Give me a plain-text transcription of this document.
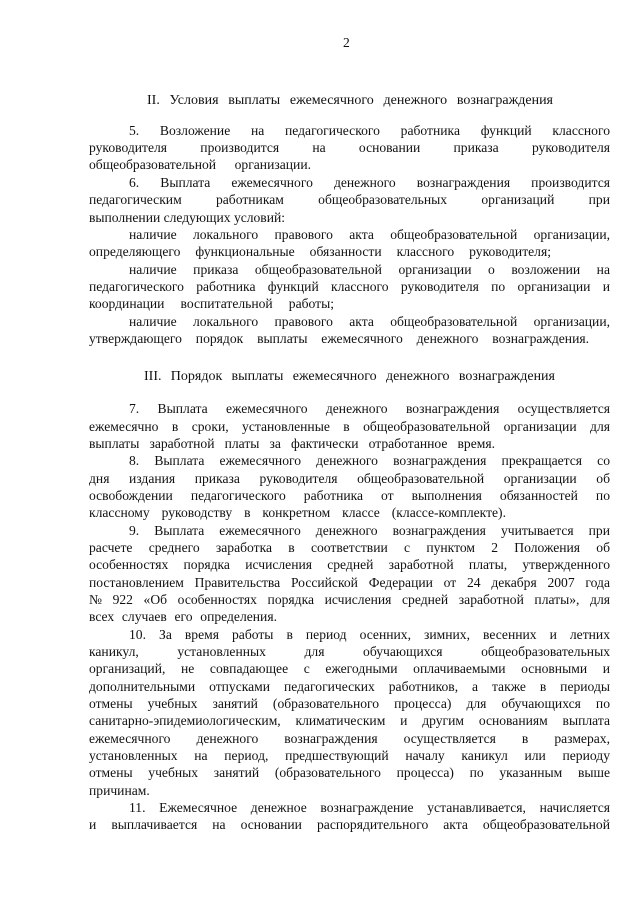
2
II. Условия выплаты ежемесячного денежного вознаграждения
5. Возложение на педагогического работника функций классного
руководителя производится на основании приказа руководителя
общеобразовательной организации.
6. Выплата ежемесячного денежного вознаграждения производится
педагогическим работникам общеобразовательных организаций при
выполнении следующих условий:
наличие локального правового акта общеобразовательной организации,
определяющего функциональные обязанности классного руководителя;
наличие приказа общеобразовательной организации о возложении на
педагогического работника функций классного руководителя по организации и
координации воспитательной работы;
наличие локального правового акта общеобразовательной организации,
утверждающего порядок выплаты ежемесячного денежного вознаграждения.
III. Порядок выплаты ежемесячного денежного вознаграждения
7. Выплата ежемесячного денежного вознаграждения осуществляется
ежемесячно в сроки, установленные в общеобразовательной организации для
выплаты заработной платы за фактически отработанное время.
8. Выплата ежемесячного денежного вознаграждения прекращается со
дня издания приказа руководителя общеобразовательной организации об
освобождении педагогического работника от выполнения обязанностей по
классному руководству в конкретном классе (классе-комплекте).
9. Выплата ежемесячного денежного вознаграждения учитывается при
расчете среднего заработка в соответствии с пунктом 2 Положения об
особенностях порядка исчисления средней заработной платы, утвержденного
постановлением Правительства Российской Федерации от 24 декабря 2007 года
№ 922 «Об особенностях порядка исчисления средней заработной платы», для
всех случаев его определения.
10. За время работы в период осенних, зимних, весенних и летних
каникул, установленных для обучающихся общеобразовательных
организаций, не совпадающее с ежегодными оплачиваемыми основными и
дополнительными отпусками педагогических работников, а также в периоды
отмены учебных занятий (образовательного процесса) для обучающихся по
санитарно-эпидемиологическим, климатическим и другим основаниям выплата
ежемесячного денежного вознаграждения осуществляется в размерах,
установленных на период, предшествующий началу каникул или периоду
отмены учебных занятий (образовательного процесса) по указанным выше
причинам.
11. Ежемесячное денежное вознаграждение устанавливается, начисляется
и выплачивается на основании распорядительного акта общеобразовательной
